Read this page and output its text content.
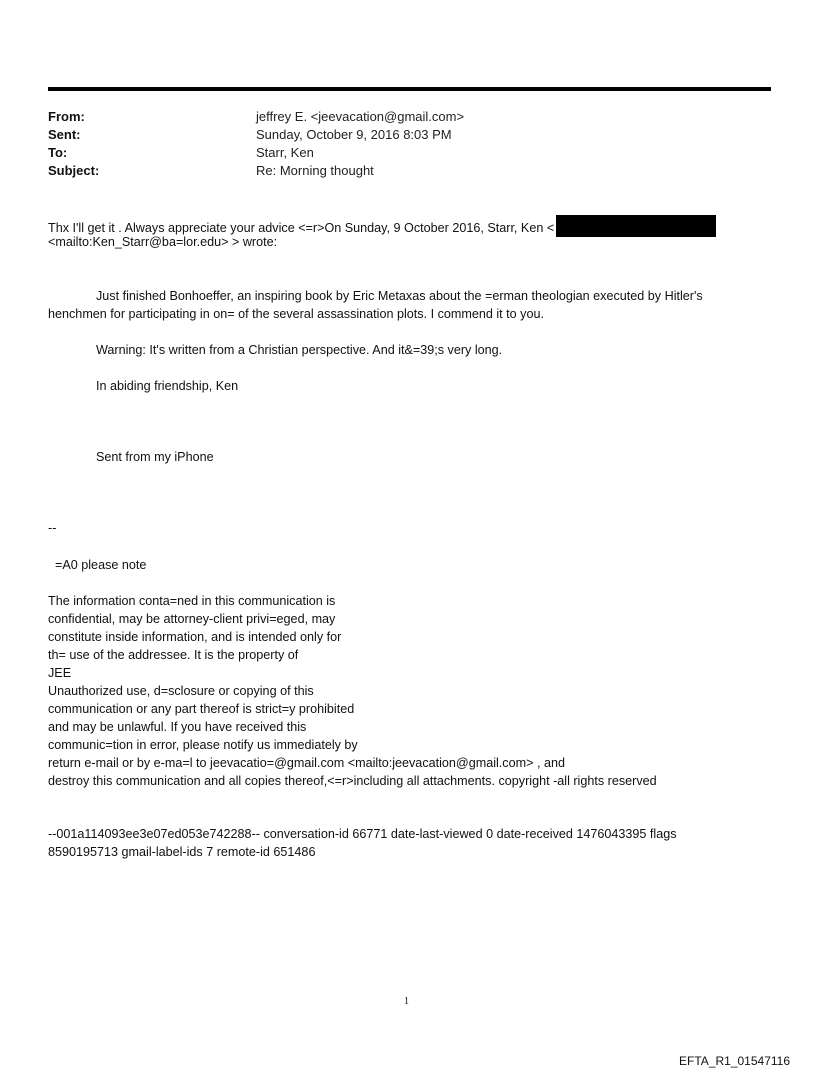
From:	jeffrey E. <jeevacation@gmail.com>
Sent:	Sunday, October 9, 2016 8:03 PM
To:	Starr, Ken
Subject:	Re: Morning thought
Thx I'll get it . Always appreciate your advice <=r>On Sunday, 9 October 2016, Starr, Ken <
<mailto:Ken_Starr@ba=lor.edu> > wrote:
Just finished Bonhoeffer, an inspiring book by Eric Metaxas about the =erman theologian executed by Hitler's
henchmen for participating in on= of the several assassination plots. I commend it to you.
Warning: It's written from a Christian perspective. And it&=39;s very long.
In abiding friendship, Ken
Sent from my iPhone
--
=A0 please note
The information conta=ned in this communication is
confidential, may be attorney-client privi=eged, may
constitute inside information, and is intended only for
th= use of the addressee. It is the property of
JEE
Unauthorized use, d=sclosure or copying of this
communication or any part thereof is strict=y prohibited
and may be unlawful. If you have received this
communic=tion in error, please notify us immediately by
return e-mail or by e-ma=l to jeevacatio=@gmail.com <mailto:jeevacation@gmail.com> , and
destroy this communication and all copies thereof,<=r>including all attachments. copyright -all rights reserved
--001a114093ee3e07ed053e742288-- conversation-id 66771 date-last-viewed 0 date-received 1476043395 flags
8590195713 gmail-label-ids 7 remote-id 651486
1
EFTA_R1_01547116
